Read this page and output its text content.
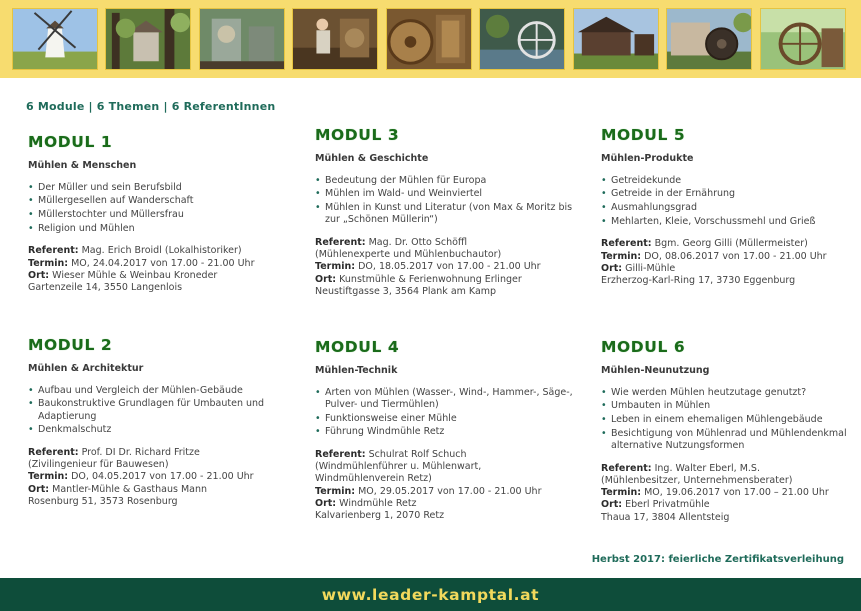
6 Module | 6 Themen | 6 ReferentInnen
MODUL 1
Mühlen & Menschen
• Der Müller und sein Berufsbild
• Müllergesellen auf Wanderschaft
• Müllerstochter und Müllersfrau
• Religion und Mühlen
Referent: Mag. Erich Broidl (Lokalhistoriker)
Termin: MO, 24.04.2017 von 17.00 - 21.00 Uhr
Ort: Wieser Mühle & Weinbau Kroneder
Gartenzeile 14, 3550 Langenlois
MODUL 2
Mühlen & Architektur
• Aufbau und Vergleich der Mühlen-Gebäude
• Baukonstruktive Grundlagen für Umbauten und Adaptierung
• Denkmalschutz
Referent: Prof. DI Dr. Richard Fritze
(Zivilingenieur für Bauwesen)
Termin: DO, 04.05.2017 von 17.00 - 21.00 Uhr
Ort: Mantler-Mühle & Gasthaus Mann
Rosenburg 51, 3573 Rosenburg
MODUL 3
Mühlen & Geschichte
• Bedeutung der Mühlen für Europa
• Mühlen im Wald- und Weinviertel
• Mühlen in Kunst und Literatur (von Max & Moritz bis zur „Schönen Müllerin“)
Referent: Mag. Dr. Otto Schöffl
(Mühlenexperte und Mühlenbuchautor)
Termin: DO, 18.05.2017 von 17.00 - 21.00 Uhr
Ort: Kunstmühle & Ferienwohnung Erlinger
Neustiftgasse 3, 3564 Plank am Kamp
MODUL 4
Mühlen-Technik
• Arten von Mühlen (Wasser-, Wind-, Hammer-, Säge-, Pulver- und Tiermühlen)
• Funktionsweise einer Mühle
• Führung Windmühle Retz
Referent: Schulrat Rolf Schuch
(Windmühlenführer u. Mühlenwart, Windmühlenverein Retz)
Termin: MO, 29.05.2017 von 17.00 - 21.00 Uhr
Ort: Windmühle Retz
Kalvarienberg 1, 2070 Retz
MODUL 5
Mühlen-Produkte
• Getreidekunde
• Getreide in der Ernährung
• Ausmahlungsgrad
• Mehlarten, Kleie, Vorschussmehl und Grieß
Referent: Bgm. Georg Gilli (Müllermeister)
Termin: DO, 08.06.2017 von 17.00 - 21.00 Uhr
Ort: Gilli-Mühle
Erzherzog-Karl-Ring 17, 3730 Eggenburg
MODUL 6
Mühlen-Neunutzung
• Wie werden Mühlen heutzutage genutzt?
• Umbauten in Mühlen
• Leben in einem ehemaligen Mühlengebäude
• Besichtigung von Mühlenrad und Mühlendenkmal alternative Nutzungsformen
Referent: Ing. Walter Eberl, M.S.
(Mühlenbesitzer, Unternehmensberater)
Termin: MO, 19.06.2017 von 17.00 – 21.00 Uhr
Ort: Eberl Privatmühle
Thaua 17, 3804 Allentsteig
Herbst 2017: feierliche Zertifikatsverleihung
www.leader-kamptal.at
